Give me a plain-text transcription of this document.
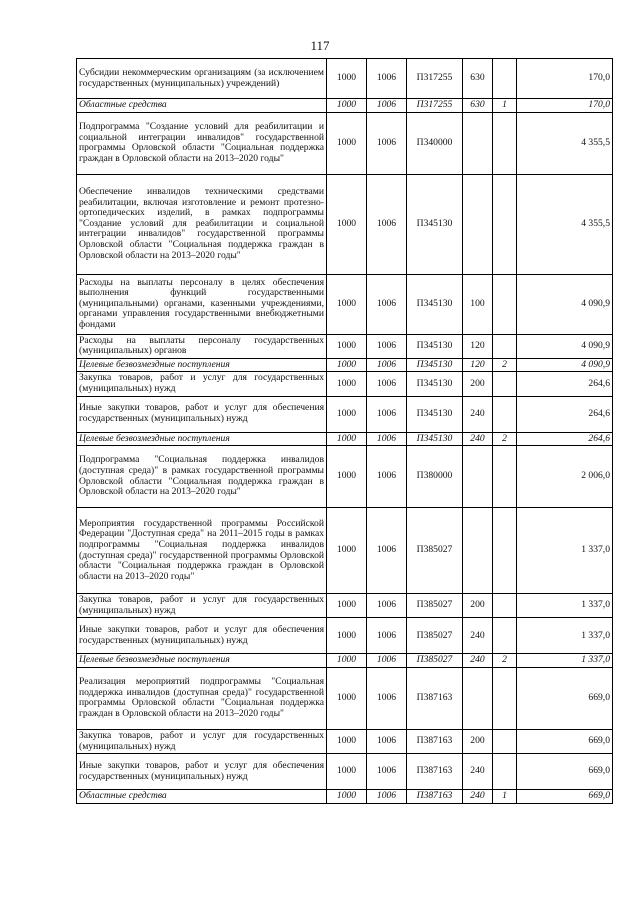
117
Субсидии некоммерческим организациям (за исключением государственных (муниципальных) учреждений)	1000	1006	П317255	630		170,0
Областные средства	1000	1006	П317255	630	1	170,0
Подпрограмма "Создание условий для реабилитации и социальной интеграции инвалидов" государственной программы Орловской области "Социальная поддержка граждан в Орловской области на 2013–2020 годы"	1000	1006	П340000			4 355,5
Обеспечение инвалидов техническими средствами реабилитации, включая изготовление и ремонт протезно-ортопедических изделий, в рамках подпрограммы "Создание условий для реабилитации и социальной интеграции инвалидов" государственной программы Орловской области "Социальная поддержка граждан в Орловской области на 2013–2020 годы"	1000	1006	П345130			4 355,5
Расходы на выплаты персоналу в целях обеспечения выполнения функций государственными (муниципальными) органами, казенными учреждениями, органами управления государственными внебюджетными фондами	1000	1006	П345130	100		4 090,9
Расходы на выплаты персоналу государственных (муниципальных) органов	1000	1006	П345130	120		4 090,9
Целевые безвозмездные поступления	1000	1006	П345130	120	2	4 090,9
Закупка товаров, работ и услуг для государственных (муниципальных) нужд	1000	1006	П345130	200		264,6
Иные закупки товаров, работ и услуг для обеспечения государственных (муниципальных) нужд	1000	1006	П345130	240		264,6
Целевые безвозмездные поступления	1000	1006	П345130	240	2	264,6
Подпрограмма "Социальная поддержка инвалидов (доступная среда)" в рамках государственной программы Орловской области "Социальная поддержка граждан в Орловской области на 2013–2020 годы"	1000	1006	П380000			2 006,0
Мероприятия государственной программы Российской Федерации "Доступная среда" на 2011–2015 годы в рамках подпрограммы "Социальная поддержка инвалидов (доступная среда)" государственной программы Орловской области "Социальная поддержка граждан в Орловской области на 2013–2020 годы"	1000	1006	П385027			1 337,0
Закупка товаров, работ и услуг для государственных (муниципальных) нужд	1000	1006	П385027	200		1 337,0
Иные закупки товаров, работ и услуг для обеспечения государственных (муниципальных) нужд	1000	1006	П385027	240		1 337,0
Целевые безвозмездные поступления	1000	1006	П385027	240	2	1 337,0
Реализация мероприятий подпрограммы "Социальная поддержка инвалидов (доступная среда)" государственной программы Орловской области "Социальная поддержка граждан в Орловской области на 2013–2020 годы"	1000	1006	П387163			669,0
Закупка товаров, работ и услуг для государственных (муниципальных) нужд	1000	1006	П387163	200		669,0
Иные закупки товаров, работ и услуг для обеспечения государственных (муниципальных) нужд	1000	1006	П387163	240		669,0
Областные средства	1000	1006	П387163	240	1	669,0
